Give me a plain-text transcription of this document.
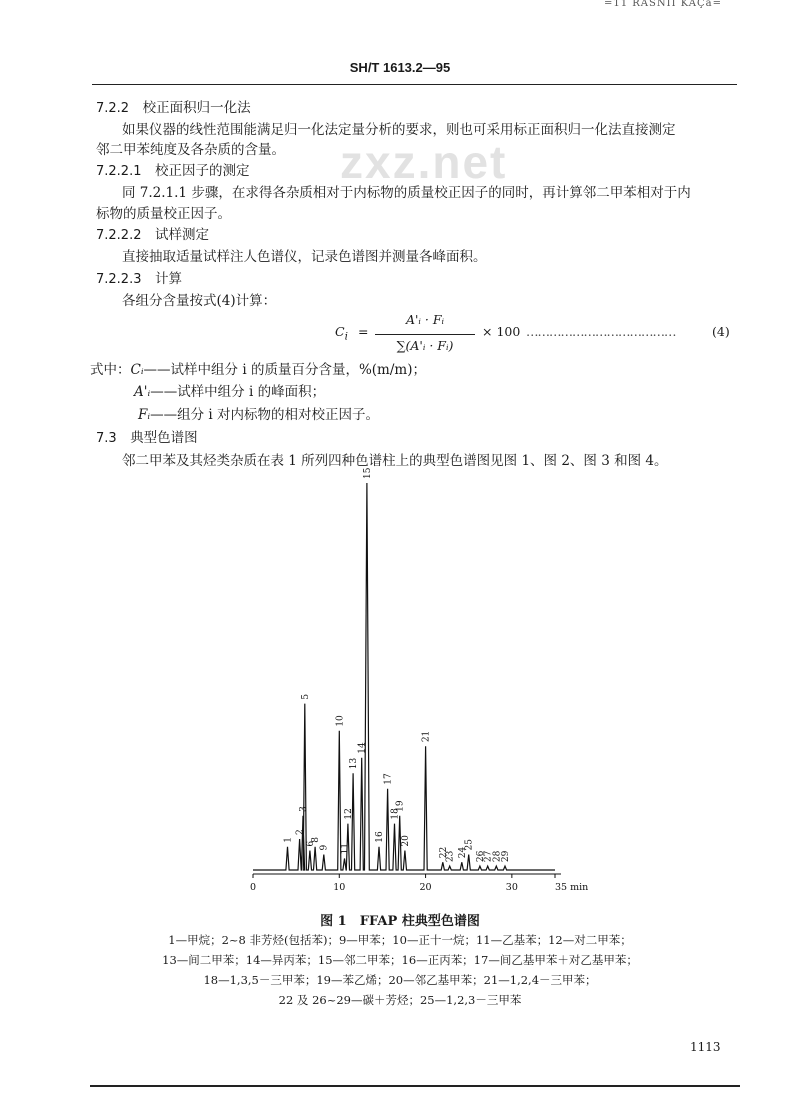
=11 RASNII KAÇa=
SH/T 1613.2—95
zxz.net
7.2.2  校正面积归一化法
如果仪器的线性范围能满足归一化法定量分析的要求，则也可采用标正面积归一化法直接测定
邻二甲苯纯度及各杂质的含量。
7.2.2.1  校正因子的测定
同 7.2.1.1 步骤，在求得各杂质相对于内标物的质量校正因子的同时，再计算邻二甲苯相对于内
标物的质量校正因子。
7.2.2.2  试样测定
直接抽取适量试样注人色谱仪，记录色谱图并测量各峰面积。
7.2.2.3  计算
各组分含量按式(4)计算：
$C_i$ =
A'ᵢ · Fᵢ
∑(A'ᵢ · Fᵢ)
× 100 …………………………………	(4)
式中：Cᵢ——试样中组分 i 的质量百分含量，%(m/m)；
A'ᵢ——试样中组分 i 的峰面积；
Fᵢ——组分 i 对内标物的相对校正因子。
7.3  典型色谱图
邻二甲苯及其烃类杂质在表 1 所列四种色谱柱上的典型色谱图见图 1、图 2、图 3 和图 4。
1
2
3
5
6
8
9
10
11
12
13
14
15
16
17
18
19
20
21
22
23 24
25
26
27
28
29
0	10	20	30	35 min
图 1　FFAP 柱典型色谱图
1—甲烷；2~8 非芳烃(包括苯)；9—甲苯；10—正十一烷；11—乙基苯；12—对二甲苯；
13—间二甲苯；14—异丙苯；15—邻二甲苯；16—正丙苯；17—间乙基甲苯＋对乙基甲苯；
18—1,3,5－三甲苯；19—苯乙烯；20—邻乙基甲苯；21—1,2,4－三甲苯；
22 及 26~29—碳＋芳烃；25—1,2,3－三甲苯
1113
